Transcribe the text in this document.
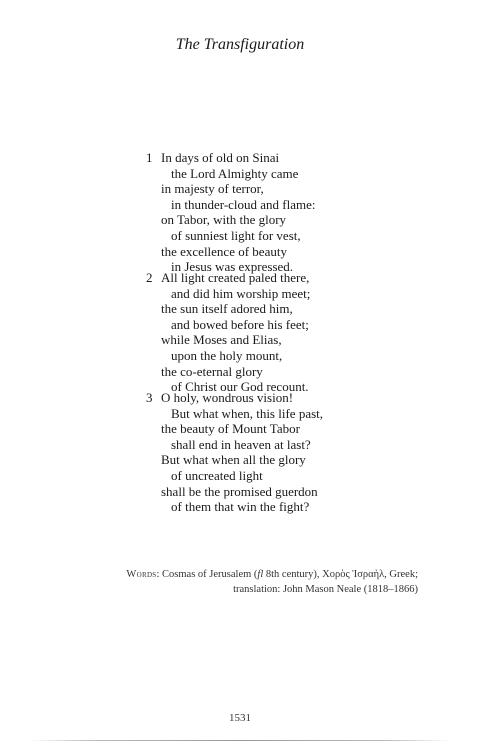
The Transfiguration
1 In days of old on Sinai
the Lord Almighty came
in majesty of terror,
in thunder-cloud and flame:
on Tabor, with the glory
of sunniest light for vest,
the excellence of beauty
in Jesus was expressed.
2 All light created paled there,
and did him worship meet;
the sun itself adored him,
and bowed before his feet;
while Moses and Elias,
upon the holy mount,
the co-eternal glory
of Christ our God recount.
3 O holy, wondrous vision!
But what when, this life past,
the beauty of Mount Tabor
shall end in heaven at last?
But what when all the glory
of uncreated light
shall be the promised guerdon
of them that win the fight?
Words: Cosmas of Jerusalem (fl 8th century), Χορὸς Ἰσραὴλ, Greek;
translation: John Mason Neale (1818–1866)
1531
